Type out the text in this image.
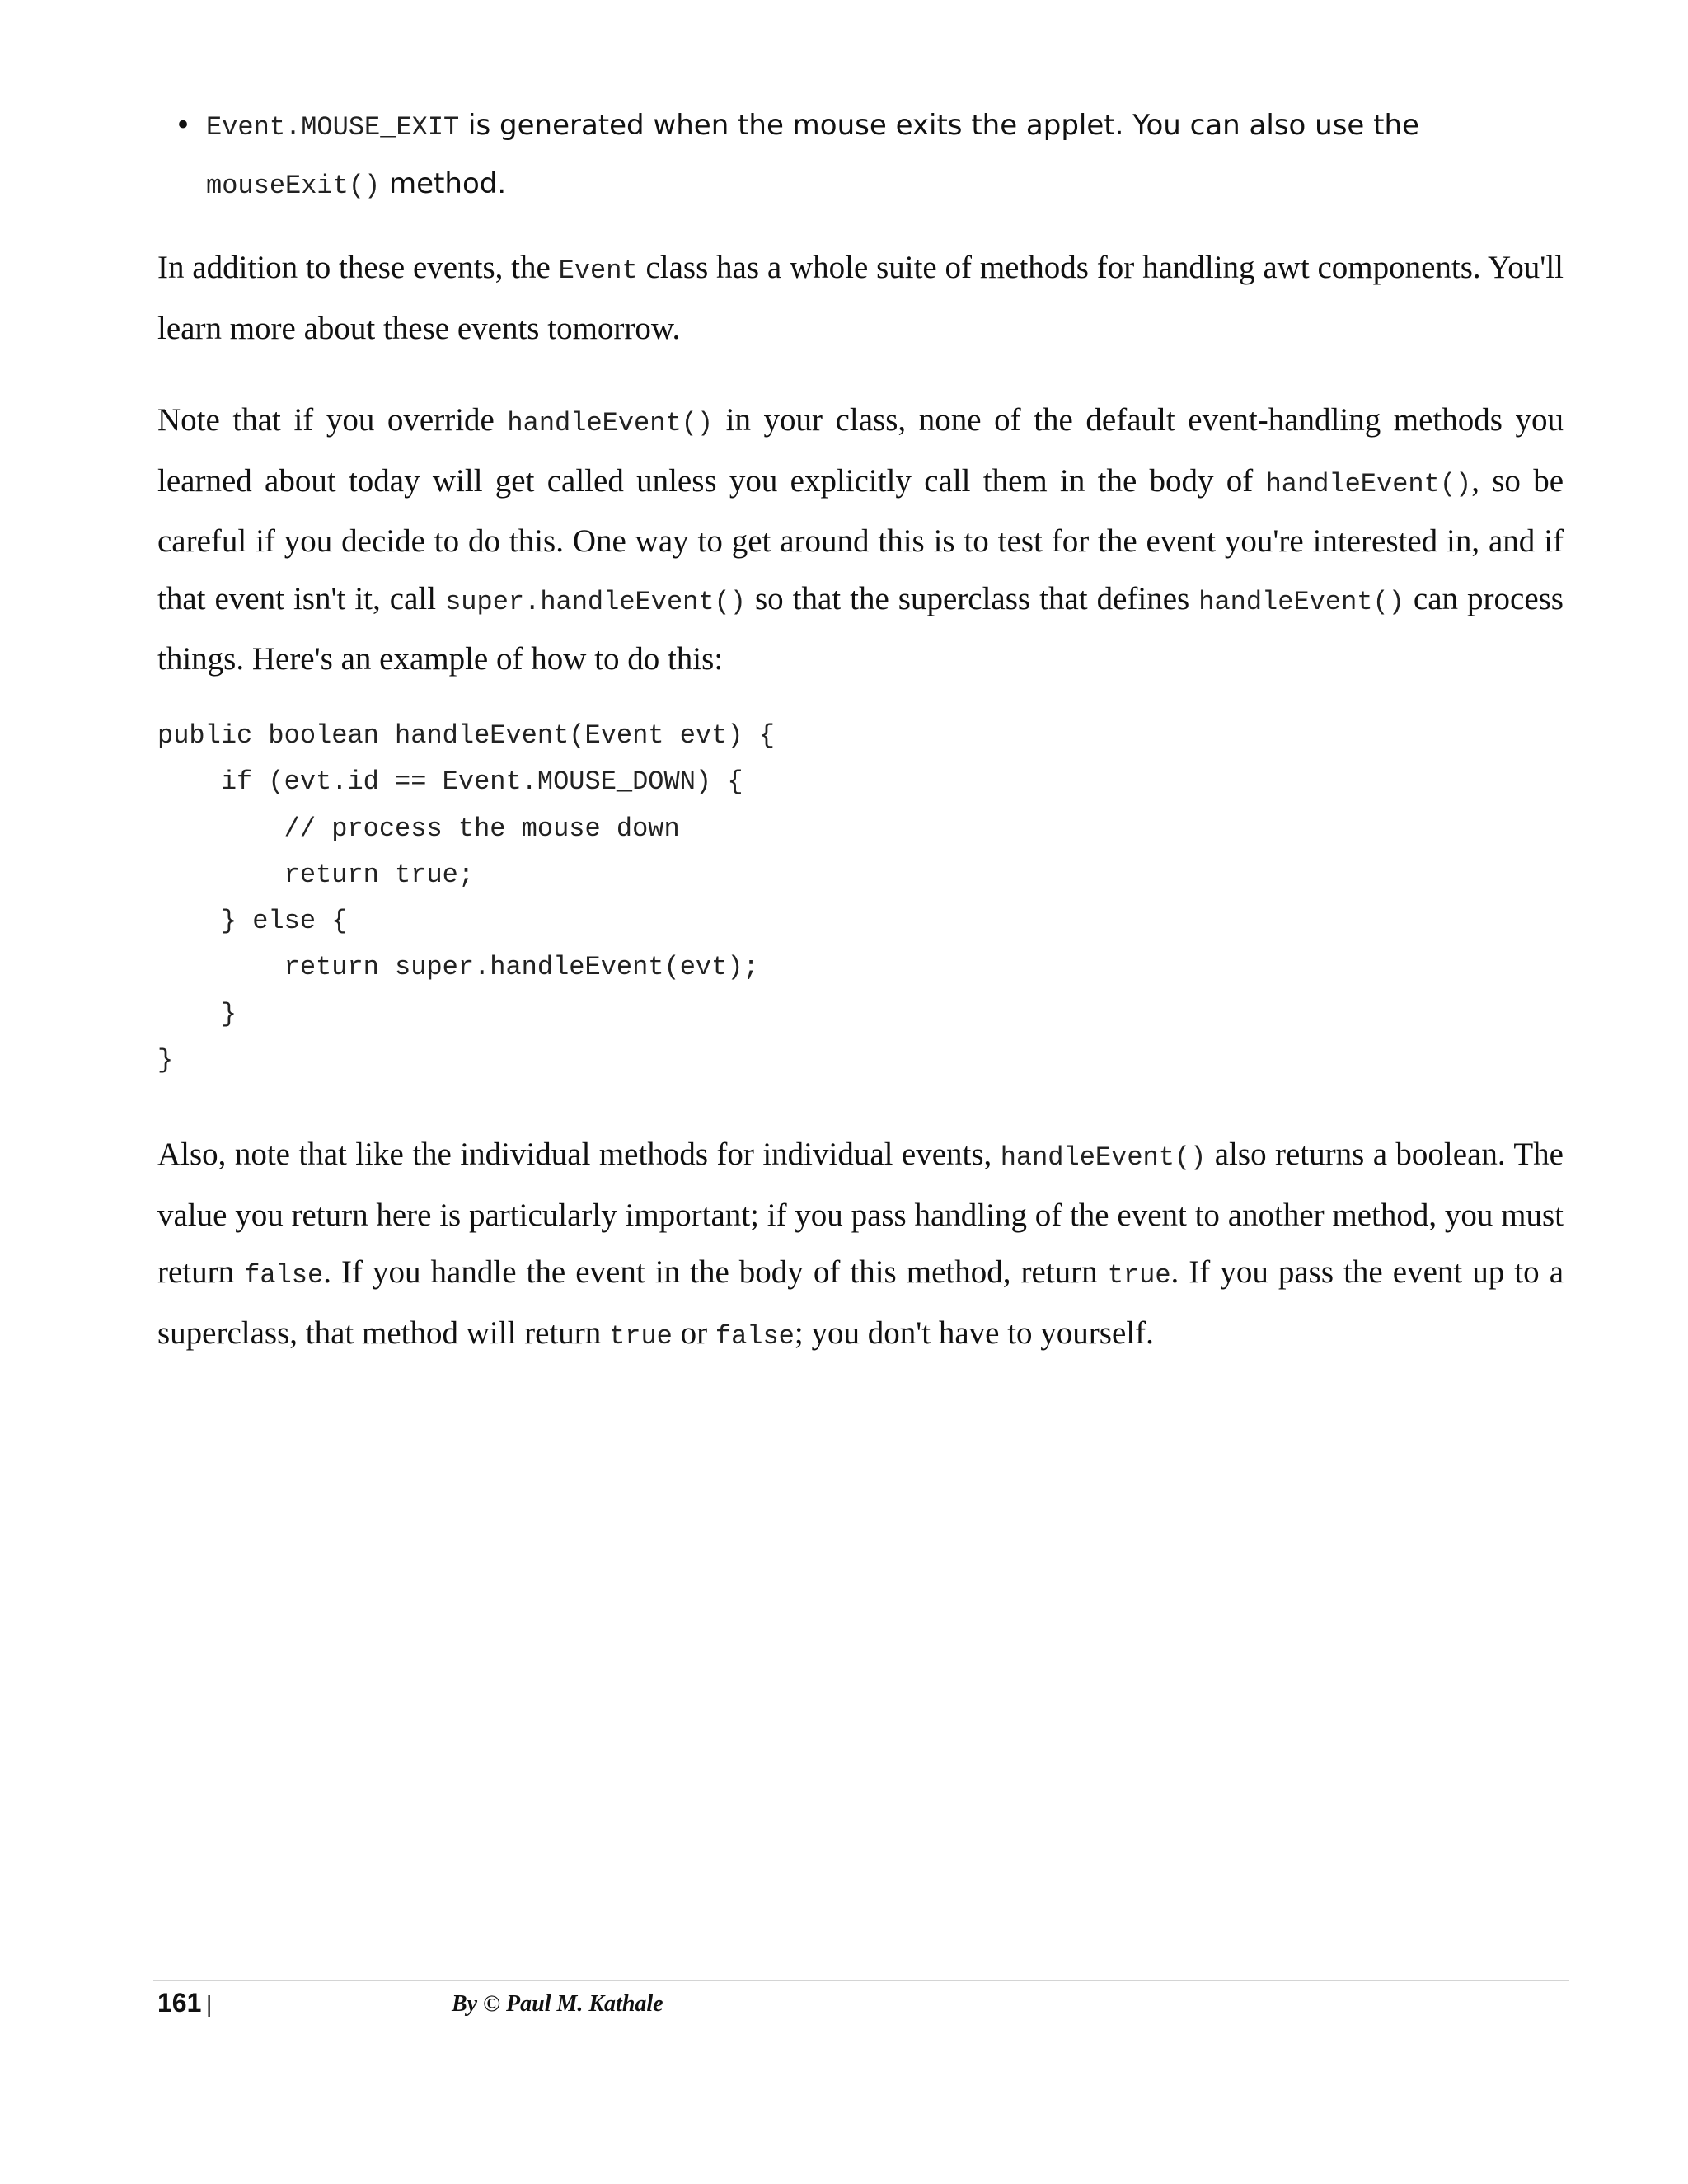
• Event.MOUSE_EXIT is generated when the mouse exits the applet. You can also use the mouseExit() method.

In addition to these events, the Event class has a whole suite of methods for handling awt components. You'll learn more about these events tomorrow.

Note that if you override handleEvent() in your class, none of the default event-handling methods you learned about today will get called unless you explicitly call them in the body of handleEvent(), so be careful if you decide to do this. One way to get around this is to test for the event you're interested in, and if that event isn't it, call super.handleEvent() so that the superclass that defines handleEvent() can process things. Here's an example of how to do this:

public boolean handleEvent(Event evt) {
if (evt.id == Event.MOUSE_DOWN) {
// process the mouse down
return true;
} else {
return super.handleEvent(evt);
}
}

Also, note that like the individual methods for individual events, handleEvent() also returns a boolean. The value you return here is particularly important; if you pass handling of the event to another method, you must return false. If you handle the event in the body of this method, return true. If you pass the event up to a superclass, that method will return true or false; you don't have to yourself.

161 |	By © Paul M. Kathale
